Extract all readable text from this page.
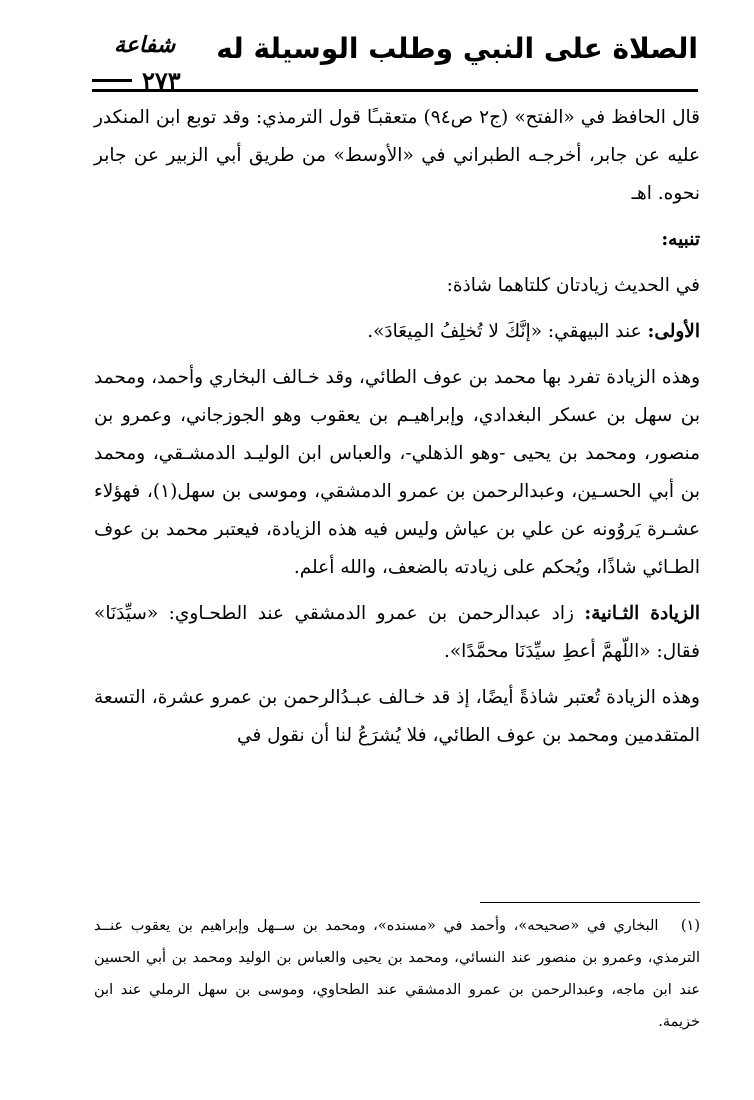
الصلاة على النبي وطلب الوسيلة له
شفاعة
٢٧٣

قال الحافظ في «الفتح» (ج٢ ص٩٤) متعقبـًا قول الترمذي: وقد توبع ابن المنكدر عليه عن جابر، أخرجـه الطبراني في «الأوسط» من طريق أبي الزبير عن جابر نحوه. اهـ

تنبيه:

في الحديث زيادتان كلتاهما شاذة:

الأولى: عند البيهقي: «إنَّكَ لا تُخلِفُ المِيعَادَ».

وهذه الزيادة تفرد بها محمد بن عوف الطائي، وقد خـالف البخاري وأحمد، ومحمد بن سهل بن عسكر البغدادي، وإبراهيـم بن يعقوب وهو الجوزجاني، وعمرو بن منصور، ومحمد بن يحيى -وهو الذهلي-، والعباس ابن الوليـد الدمشـقي، ومحمد بن أبي الحسـين، وعبدالرحمن بن عمرو الدمشقي، وموسى بن سهل(١)، فهؤلاء عشـرة يَروُونه عن علي بن عياش وليس فيه هذه الزيادة، فيعتبر محمد بن عوف الطـائي شاذًا، ويُحكم على زيادته بالضعف، والله أعلم.

الزيادة الثـانية: زاد عبدالرحمن بن عمرو الدمشقي عند الطحـاوي: «سيِّدَنَا» فقال: «اللّهمَّ أعطِ سيِّدَنَا محمَّدًا».

وهذه الزيادة تُعتبر شاذةً أيضًا، إذ قد خـالف عبـدُالرحمن بن عمرو عشرة، التسعة المتقدمين ومحمد بن عوف الطائي، فلا يُشرَعُ لنا أن نقول في

(١) البخاري في «صحيحه»، وأحمد في «مسنده»، ومحمد بن ســهل وإبراهيم بن يعقوب عنــد الترمذي، وعمرو بن منصور عند النسائي، ومحمد بن يحيى والعباس بن الوليد ومحمد بن أبي الحسين عند ابن ماجه، وعبدالرحمن بن عمرو الدمشقي عند الطحاوي، وموسى بن سهل الرملي عند ابن خزيمة.
